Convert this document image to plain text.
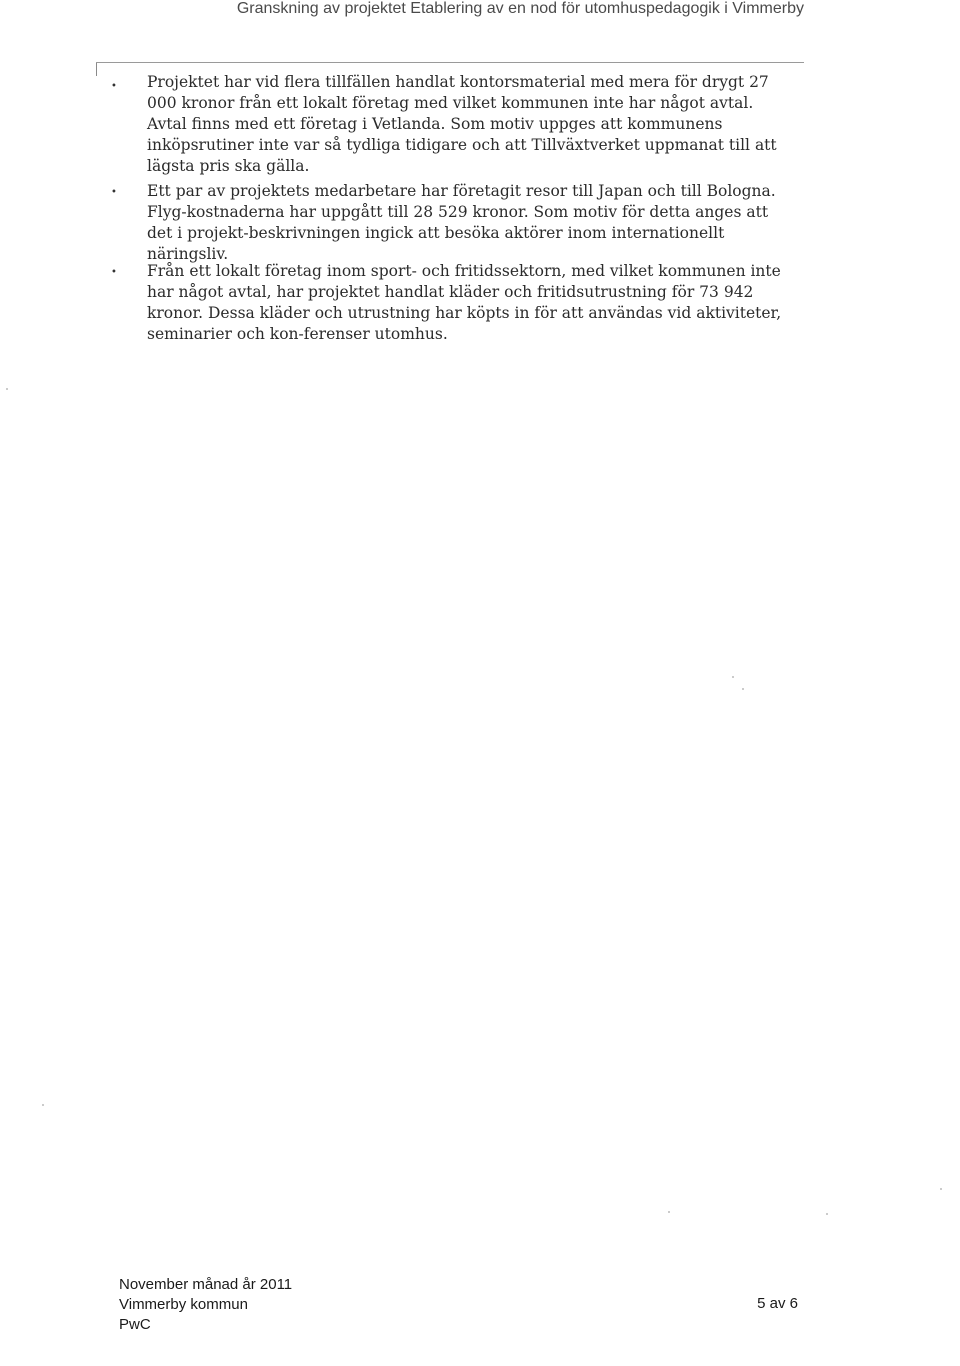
Granskning av projektet Etablering av en nod för utomhuspedagogik i Vimmerby
• Projektet har vid flera tillfällen handlat kontorsmaterial med mera för drygt 27 000 kronor från ett lokalt företag med vilket kommunen inte har något avtal. Avtal finns med ett företag i Vetlanda. Som motiv uppges att kommunens inköpsrutiner inte var så tydliga tidigare och att Tillväxtverket uppmanat till att lägsta pris ska gälla.
• Ett par av projektets medarbetare har företagit resor till Japan och till Bologna. Flyg-kostnaderna har uppgått till 28 529 kronor. Som motiv för detta anges att det i projekt-beskrivningen ingick att besöka aktörer inom internationellt näringsliv.
• Från ett lokalt företag inom sport- och fritidssektorn, med vilket kommunen inte har något avtal, har projektet handlat kläder och fritidsutrustning för 73 942 kronor. Dessa kläder och utrustning har köpts in för att användas vid aktiviteter, seminarier och kon-ferenser utomhus.
November månad år 2011
Vimmerby kommun
PwC
5 av 6
